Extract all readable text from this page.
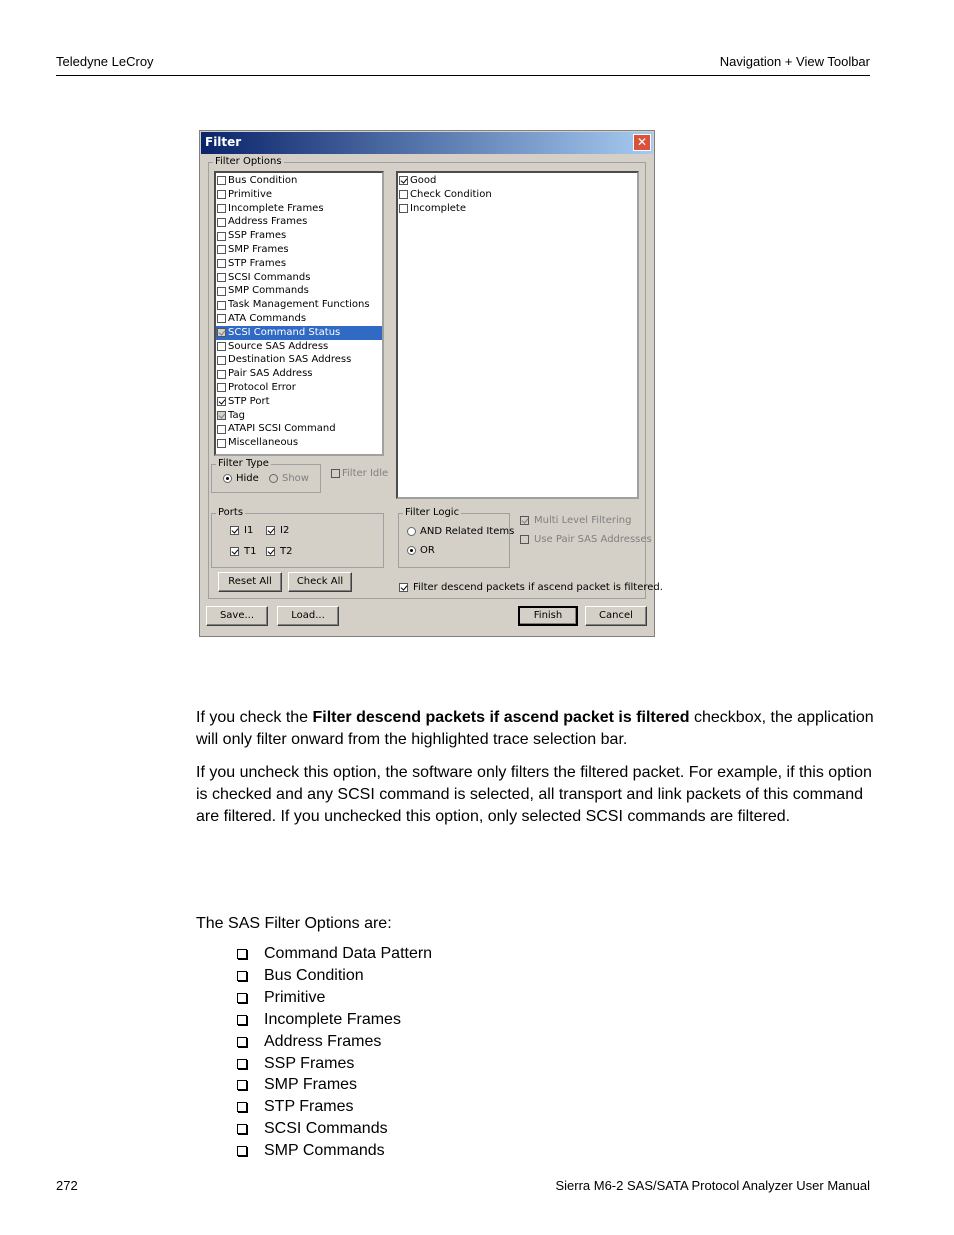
Teledyne LeCroy	Navigation + View Toolbar
Filter	✕
Filter Options
Bus Condition
Primitive
Incomplete Frames
Address Frames
SSP Frames
SMP Frames
STP Frames
SCSI Commands
SMP Commands
Task Management Functions
ATA Commands
SCSI Command Status
Source SAS Address
Destination SAS Address
Pair SAS Address
Protocol Error
STP Port
Tag
ATAPI SCSI Command
Miscellaneous
Good
Check Condition
Incomplete
Filter Type
Hide Show	Filter Idle
Ports
I1	I2
T1 T2
Filter Logic
AND Related Items
OR
Multi Level Filtering
Use Pair SAS Addresses
Reset All	Check All
Filter descend packets if ascend packet is filtered.
Save...	Load...	Finish	Cancel
If you check the Filter descend packets if ascend packet is filtered checkbox, the application will only filter onward from the highlighted trace selection bar.
If you uncheck this option, the software only filters the filtered packet. For example, if this option is checked and any SCSI command is selected, all transport and link packets of this command are filtered. If you unchecked this option, only selected SCSI commands are filtered.
The SAS Filter Options are:
Command Data Pattern
Bus Condition
Primitive
Incomplete Frames
Address Frames
SSP Frames
SMP Frames
STP Frames
SCSI Commands
SMP Commands
272	Sierra M6-2 SAS/SATA Protocol Analyzer User Manual
